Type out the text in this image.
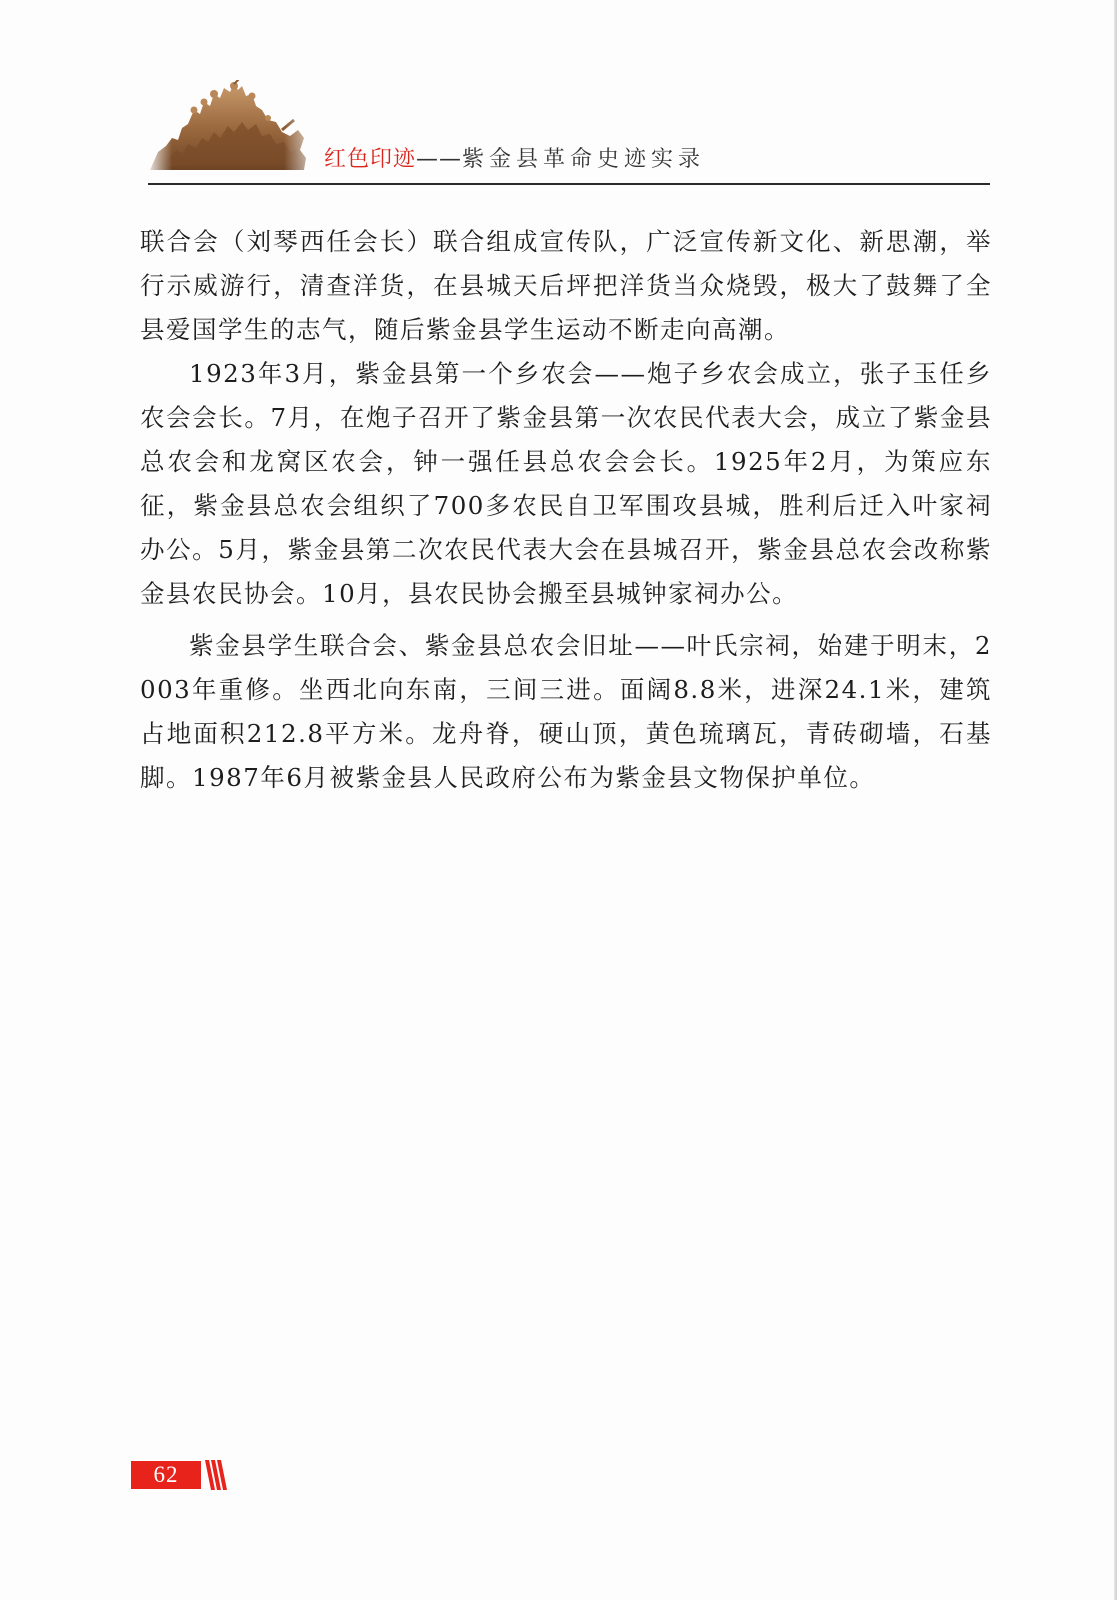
红色印迹——紫金县革命史迹实录

联合会（刘琴西任会长）联合组成宣传队，广泛宣传新文化、新思潮，举行示威游行，清查洋货，在县城天后坪把洋货当众烧毁，极大了鼓舞了全县爱国学生的志气，随后紫金县学生运动不断走向高潮。

1923年3月，紫金县第一个乡农会——炮子乡农会成立，张子玉任乡农会会长。7月，在炮子召开了紫金县第一次农民代表大会，成立了紫金县总农会和龙窝区农会，钟一强任县总农会会长。1925年2月，为策应东征，紫金县总农会组织了700多农民自卫军围攻县城，胜利后迁入叶家祠办公。5月，紫金县第二次农民代表大会在县城召开，紫金县总农会改称紫金县农民协会。10月，县农民协会搬至县城钟家祠办公。

紫金县学生联合会、紫金县总农会旧址——叶氏宗祠，始建于明末，2003年重修。坐西北向东南，三间三进。面阔8.8米，进深24.1米，建筑占地面积212.8平方米。龙舟脊，硬山顶，黄色琉璃瓦，青砖砌墙，石基脚。1987年6月被紫金县人民政府公布为紫金县文物保护单位。

62
